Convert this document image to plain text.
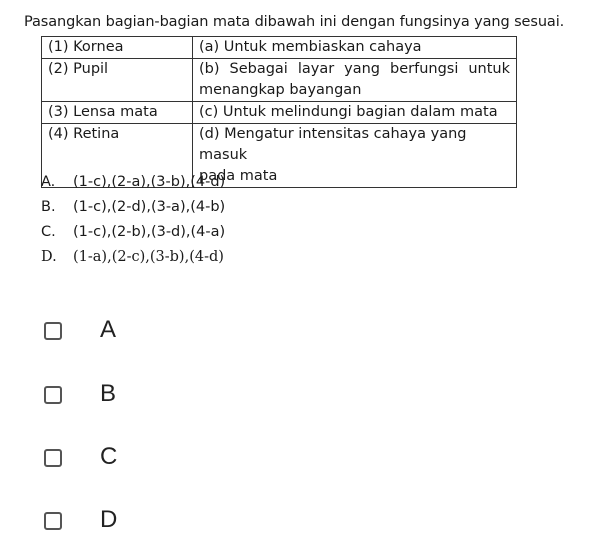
Pasangkan bagian-bagian mata dibawah ini dengan fungsinya yang sesuai.
(1) Kornea	(a) Untuk membiaskan cahaya
(2) Pupil	(b) Sebagai layar yang berfungsi untuk
menangkap bayangan
(3) Lensa mata	(c) Untuk melindungi bagian dalam mata
(4) Retina	(d) Mengatur intensitas cahaya yang masuk
pada mata
A. (1-c),(2-a),(3-b),(4-d)
B. (1-c),(2-d),(3-a),(4-b)
C. (1-c),(2-b),(3-d),(4-a)
D. (1-a),(2-c),(3-b),(4-d)
A
B
C
D
